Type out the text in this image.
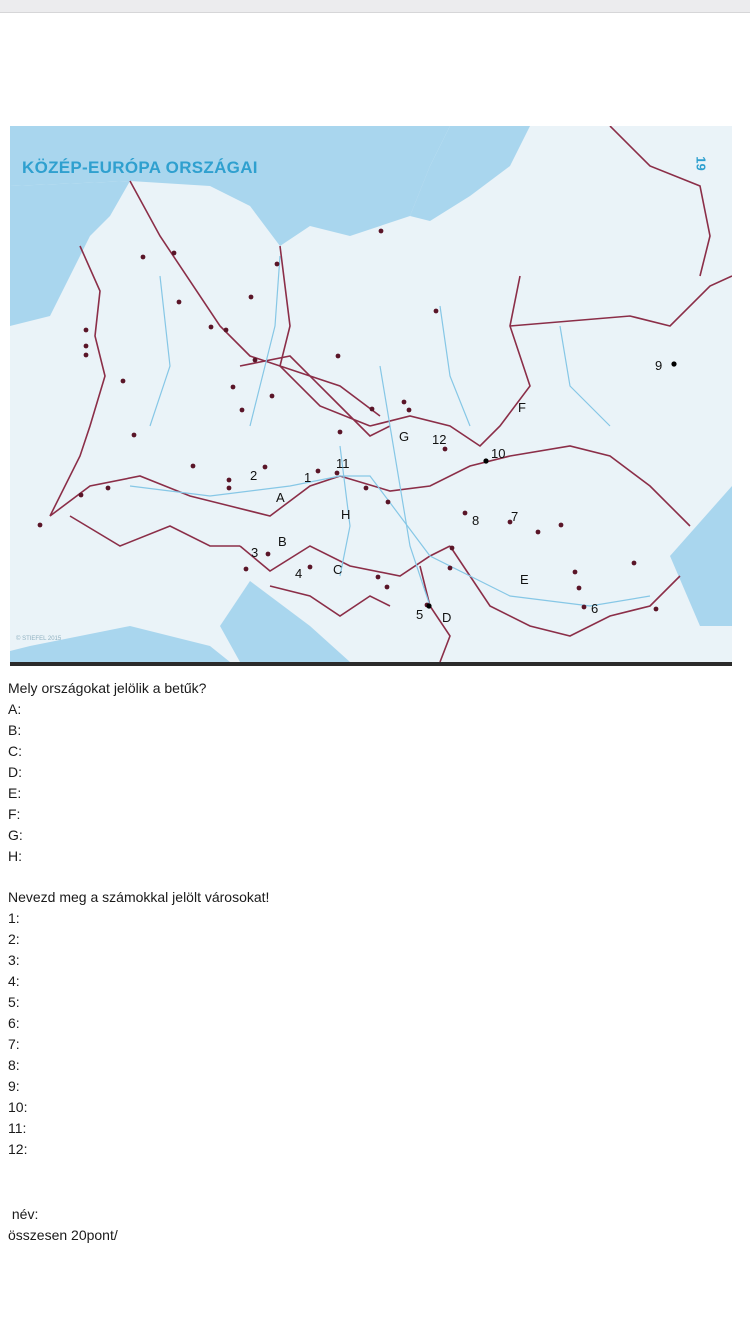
KÖZÉP-EURÓPA ORSZÁGAI	19
© STIEFEL 2015
F
G
H
A
B
C
D
E
9
12
10
11
2	1
8 7
3
4
5	6
Mely országokat jelölik a betűk?
A:
B:
C:
D:
E:
F:
G:
H:
Nevezd meg a számokkal jelölt városokat!
1:
2:
3:
4:
5:
6:
7:
8:
9:
10:
11:
12:
név:
összesen 20pont/
